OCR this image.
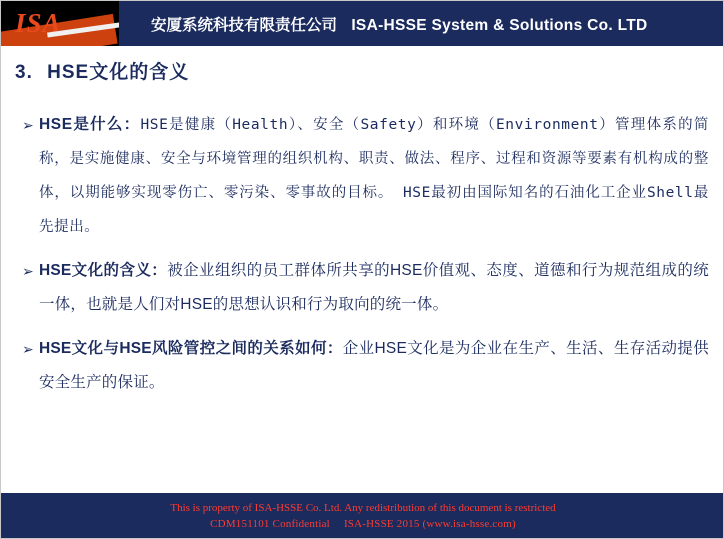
ISA	安厦系统科技有限责任公司 ISA-HSSE System & Solutions Co. LTD
3. HSE文化的含义
➢ HSE是什么：HSE是健康（Health）、安全（Safety）和环境（Environment）管理体系的简称，是实施健康、安全与环境管理的组织机构、职责、做法、程序、过程和资源等要素有机构成的整体，以期能够实现零伤亡、零污染、零事故的目标。 HSE最初由国际知名的石油化工企业Shell最先提出。
➢ HSE文化的含义：被企业组织的员工群体所共享的HSE价值观、态度、道德和行为规范组成的统一体，也就是人们对HSE的思想认识和行为取向的统一体。
➢ HSE文化与HSE风险管控之间的关系如何：企业HSE文化是为企业在生产、生活、生存活动提供安全生产的保证。
This is property of ISA-HSSE Co. Ltd. Any redistribution of this document is restricted
CDM151101 Confidential ISA-HSSE 2015 (www.isa-hsse.com)
